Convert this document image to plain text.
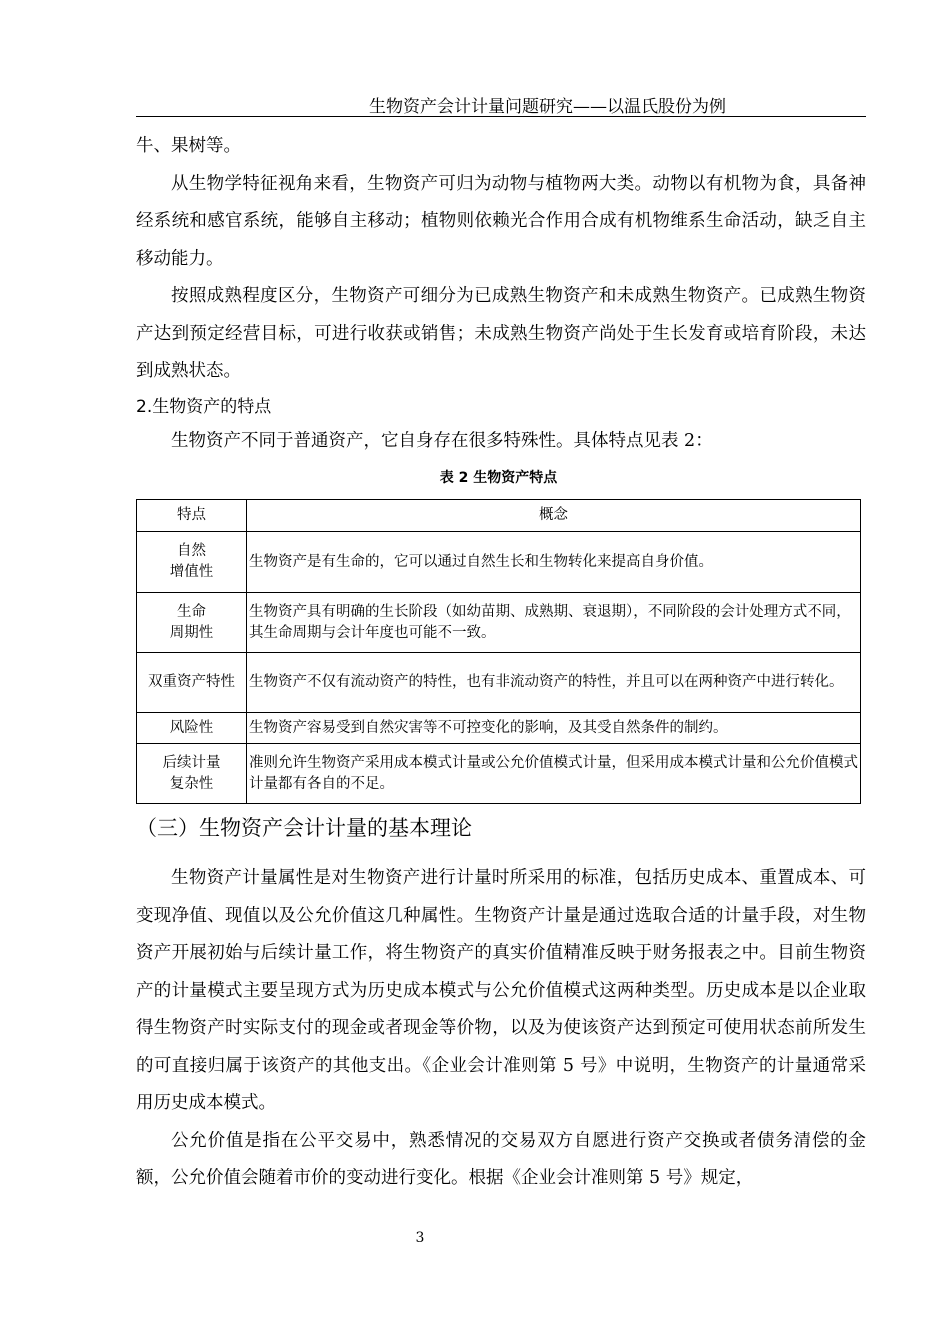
生物资产会计计量问题研究——以温氏股份为例

牛、果树等。

从生物学特征视角来看，生物资产可归为动物与植物两大类。动物以有机物为食，具备神经系统和感官系统，能够自主移动；植物则依赖光合作用合成有机物维系生命活动，缺乏自主移动能力。

按照成熟程度区分，生物资产可细分为已成熟生物资产和未成熟生物资产。已成熟生物资产达到预定经营目标，可进行收获或销售；未成熟生物资产尚处于生长发育或培育阶段，未达到成熟状态。

2.生物资产的特点

生物资产不同于普通资产，它自身存在很多特殊性。具体特点见表 2：

表 2 生物资产特点
特点	概念
自然
增值性	生物资产是有生命的，它可以通过自然生长和生物转化来提高自身价值。
生命
周期性	生物资产具有明确的生长阶段（如幼苗期、成熟期、衰退期），不同阶段的会计处理方式不同，其生命周期与会计年度也可能不一致。
双重资产特性	生物资产不仅有流动资产的特性，也有非流动资产的特性，并且可以在两种资产中进行转化。
风险性	生物资产容易受到自然灾害等不可控变化的影响，及其受自然条件的制约。
后续计量
复杂性	准则允许生物资产采用成本模式计量或公允价值模式计量，但采用成本模式计量和公允价值模式计量都有各自的不足。
（三）生物资产会计计量的基本理论

生物资产计量属性是对生物资产进行计量时所采用的标准，包括历史成本、重置成本、可变现净值、现值以及公允价值这几种属性。生物资产计量是通过选取合适的计量手段，对生物资产开展初始与后续计量工作，将生物资产的真实价值精准反映于财务报表之中。目前生物资产的计量模式主要呈现方式为历史成本模式与公允价值模式这两种类型。历史成本是以企业取得生物资产时实际支付的现金或者现金等价物，以及为使该资产达到预定可使用状态前所发生的可直接归属于该资产的其他支出。《企业会计准则第 5 号》中说明，生物资产的计量通常采用历史成本模式。

公允价值是指在公平交易中，熟悉情况的交易双方自愿进行资产交换或者债务清偿的金额，公允价值会随着市价的变动进行变化。根据《企业会计准则第 5 号》规定，

3
